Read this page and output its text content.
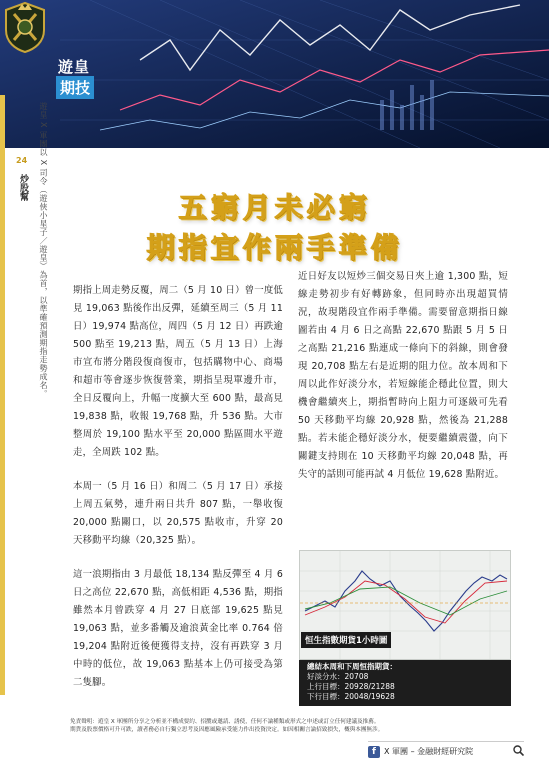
遊皇
期技
24
炒股幫 遊皇 X 軍團以 X 司令（遊俠小星子／遊皇）為首，以準確預測期指走勢成名。	五窮月未必窮
期指宜作兩手準備

期指上周走勢反覆，周二（5 月 10 日）曾一度低見 19,063 點後作出反彈，延續至周三（5 月 11 日）19,974 點高位，周四（5 月 12 日）再跌逾 500 點至 19,213 點，周五（5 月 13 日）上海市宣布將分階段復商復市，包括購物中心、商場和超市等會逐步恢復營業，期指呈現單邊升市，全日反覆向上，升幅一度擴大至 600 點，最高見 19,838 點，收報 19,768 點，升 536 點。大市整周於 19,100 點水平至 20,000 點區間水平遊走，全周跌 102 點。

本周一（5 月 16 日）和周二（5 月 17 日）承接上周五氣勢，連升兩日共升 807 點，一舉收復 20,000 點關口，以 20,575 點收市，升穿 20 天移動平均線（20,325 點）。

這一浪期指由 3 月最低 18,134 點反彈至 4 月 6 日之高位 22,670 點，高低相距 4,536 點，期指雖然本月曾跌穿 4 月 27 日底部 19,625 點見 19,063 點，並多番觸及逾浪黃金比率 0.764 倍 19,204 點附近後便獲得支持，沒有再跌穿 3 月中時的低位，故 19,063 點基本上仍可接受為第二隻腳。

近日好友以短炒三個交易日夾上逾 1,300 點，短線走勢初步有好轉跡象，但同時亦出現超買情況，故現階段宜作兩手準備。需要留意期指日線圖若由 4 月 6 日之高點 22,670 點跟 5 月 5 日之高點 21,216 點連成一條向下的斜線，則會發現 20,708 點左右是近期的阻力位。故本周和下周以此作好淡分水，若短線能企穩此位置，則大機會繼續夾上，期指暫時向上阻力可逐級可先看 50 天移動平均線 20,928 點，然後為 21,288 點。若未能企穩好淡分水，便要繼續震盪，向下關鍵支持則在 10 天移動平均線 20,048 點，再失守的話則可能再試 4 月低位 19,628 點附近。

恒生指數期貨1小時圖
總結本周和下周恒指期貨：
好淡分水：20708
上行目標：20928/21288
下行目標：20048/19628
免責聲明：遊皇 X 軍團所分享之分析並不構成要約、招攬或邀請、誘使，任何不論種類或形式之申述或訂立任何建議及推薦。
期貨及股票價格可升可跌，讀者務必自行獨立思考及因應風險承受能力作出投資決定。如因相關言論招致損失，概與本團無涉。
f	X 軍團 – 金融財經研究院
